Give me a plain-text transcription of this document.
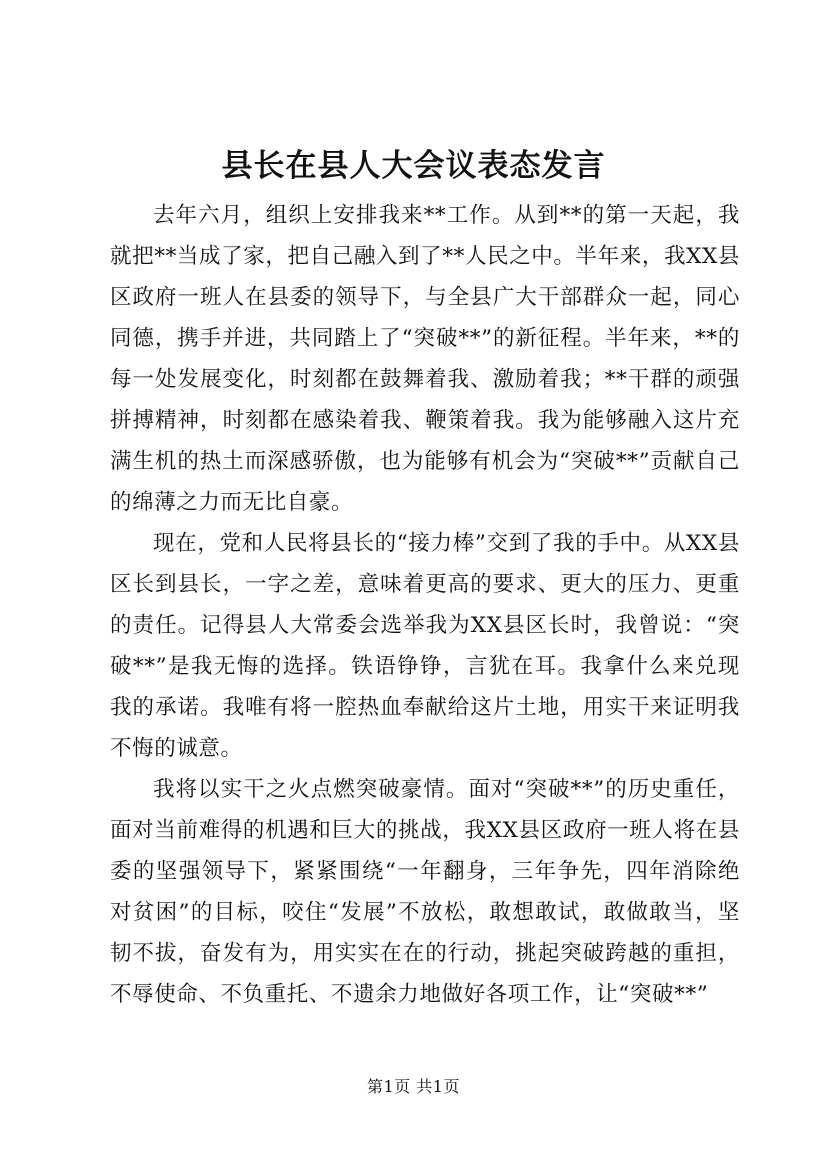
县长在县人大会议表态发言

去年六月，组织上安排我来**工作。从到**的第一天起，我就把**当成了家，把自己融入到了**人民之中。半年来，我XX县区政府一班人在县委的领导下，与全县广大干部群众一起，同心同德，携手并进，共同踏上了“突破**”的新征程。半年来，**的每一处发展变化，时刻都在鼓舞着我、激励着我；**干群的顽强拼搏精神，时刻都在感染着我、鞭策着我。我为能够融入这片充满生机的热土而深感骄傲，也为能够有机会为“突破**”贡献自己的绵薄之力而无比自豪。

现在，党和人民将县长的“接力棒”交到了我的手中。从XX县区长到县长，一字之差，意味着更高的要求、更大的压力、更重的责任。记得县人大常委会选举我为XX县区长时，我曾说：“突破**”是我无悔的选择。铁语铮铮，言犹在耳。我拿什么来兑现我的承诺。我唯有将一腔热血奉献给这片土地，用实干来证明我不悔的诚意。

我将以实干之火点燃突破豪情。面对“突破**”的历史重任，面对当前难得的机遇和巨大的挑战，我XX县区政府一班人将在县委的坚强领导下，紧紧围绕“一年翻身，三年争先，四年消除绝对贫困”的目标，咬住“发展”不放松，敢想敢试，敢做敢当，坚韧不拔，奋发有为，用实实在在的行动，挑起突破跨越的重担，不辱使命、不负重托、不遗余力地做好各项工作，让“突破**”

第1页 共1页
